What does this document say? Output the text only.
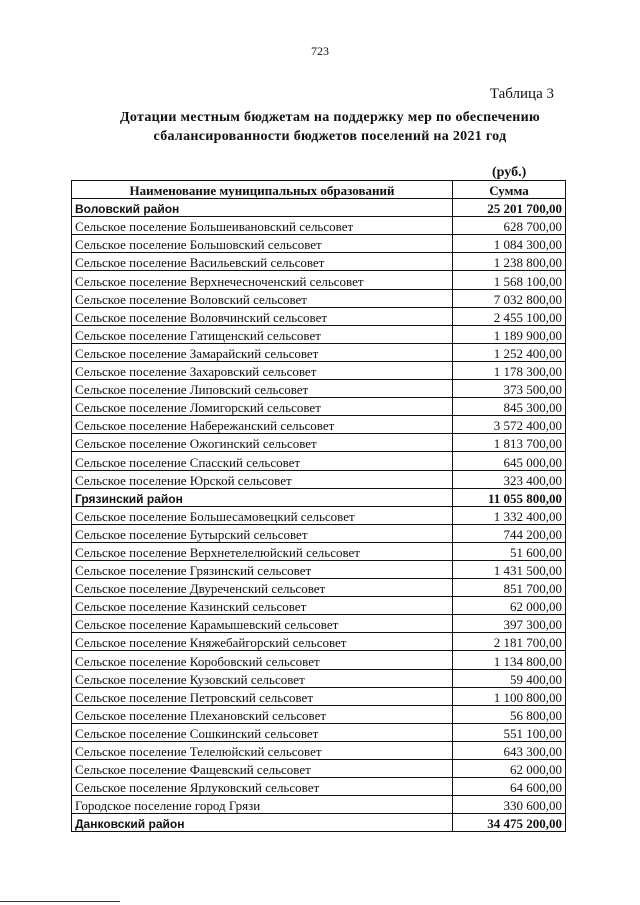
723
Таблица 3
Дотации местным бюджетам на поддержку мер по обеспечению
сбалансированности бюджетов поселений на 2021 год
(руб.)
Наименование муниципальных образований	Сумма
Воловский район	25 201 700,00
Сельское поселение Большеивановский сельсовет	628 700,00
Сельское поселение Большовский сельсовет	1 084 300,00
Сельское поселение Васильевский сельсовет	1 238 800,00
Сельское поселение Верхнечесноченский сельсовет	1 568 100,00
Сельское поселение Воловский сельсовет	7 032 800,00
Сельское поселение Воловчинский сельсовет	2 455 100,00
Сельское поселение Гатищенский сельсовет	1 189 900,00
Сельское поселение Замарайский сельсовет	1 252 400,00
Сельское поселение Захаровский сельсовет	1 178 300,00
Сельское поселение Липовский сельсовет	373 500,00
Сельское поселение Ломигорский сельсовет	845 300,00
Сельское поселение Набережанский сельсовет	3 572 400,00
Сельское поселение Ожогинский сельсовет	1 813 700,00
Сельское поселение Спасский сельсовет	645 000,00
Сельское поселение Юрской сельсовет	323 400,00
Грязинский район	11 055 800,00
Сельское поселение Большесамовецкий сельсовет	1 332 400,00
Сельское поселение Бутырский сельсовет	744 200,00
Сельское поселение Верхнетелелюйский сельсовет	51 600,00
Сельское поселение Грязинский сельсовет	1 431 500,00
Сельское поселение Двуреченский сельсовет	851 700,00
Сельское поселение Казинский сельсовет	62 000,00
Сельское поселение Карамышевский сельсовет	397 300,00
Сельское поселение Княжебайгорский сельсовет	2 181 700,00
Сельское поселение Коробовский сельсовет	1 134 800,00
Сельское поселение Кузовский сельсовет	59 400,00
Сельское поселение Петровский сельсовет	1 100 800,00
Сельское поселение Плехановский сельсовет	56 800,00
Сельское поселение Сошкинский сельсовет	551 100,00
Сельское поселение Телелюйский сельсовет	643 300,00
Сельское поселение Фащевский сельсовет	62 000,00
Сельское поселение Ярлуковский сельсовет	64 600,00
Городское поселение город Грязи	330 600,00
Данковский район	34 475 200,00
